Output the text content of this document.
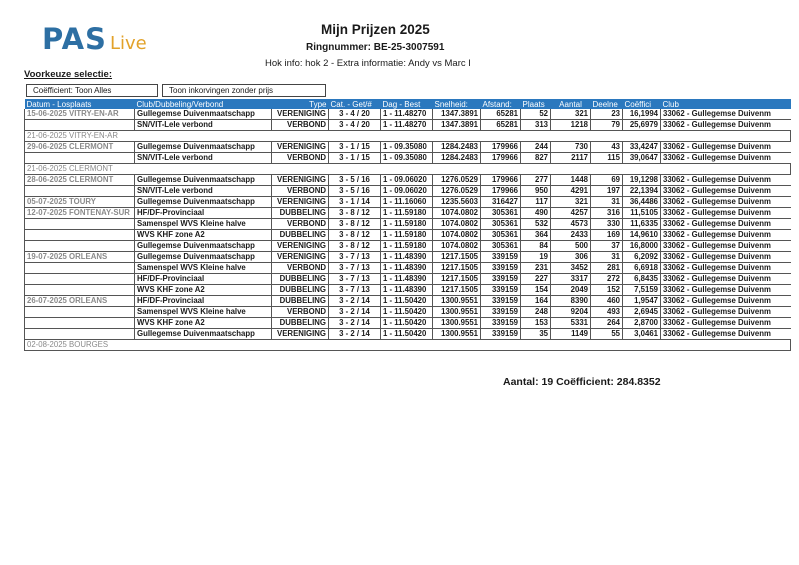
PAS Live
Mijn Prijzen 2025
Ringnummer: BE-25-3007591
Hok info: hok 2 - Extra informatie: Andy vs Marc I
Voorkeuze selectie:
Coëfficient: Toon Alles	Toon inkorvingen zonder prijs
Datum - Losplaats	Club/Dubbeling/Verbond	Type	Cat. - Get/#	Dag - Best	Snelheid:	Afstand:	Plaats	Aantal	Deelne	Coëffici	Club
15-06-2025 VITRY-EN-AR	Gullegemse Duivenmaatschapp	VERENIGING	3 - 4 / 20	1 - 11.48270	1347.3891	65281	52	321	23	16,1994	33062 - Gullegemse Duivenm
	SN/VIT-Lele verbond	VERBOND	3 - 4 / 20	1 - 11.48270	1347.3891	65281	313	1218	79	25,6979	33062 - Gullegemse Duivenm
21-06-2025 VITRY-EN-AR											
29-06-2025 CLERMONT	Gullegemse Duivenmaatschapp	VERENIGING	3 - 1 / 15	1 - 09.35080	1284.2483	179966	244	730	43	33,4247	33062 - Gullegemse Duivenm
	SN/VIT-Lele verbond	VERBOND	3 - 1 / 15	1 - 09.35080	1284.2483	179966	827	2117	115	39,0647	33062 - Gullegemse Duivenm
21-06-2025 CLERMONT											
28-06-2025 CLERMONT	Gullegemse Duivenmaatschapp	VERENIGING	3 - 5 / 16	1 - 09.06020	1276.0529	179966	277	1448	69	19,1298	33062 - Gullegemse Duivenm
	SN/VIT-Lele verbond	VERBOND	3 - 5 / 16	1 - 09.06020	1276.0529	179966	950	4291	197	22,1394	33062 - Gullegemse Duivenm
05-07-2025 TOURY	Gullegemse Duivenmaatschapp	VERENIGING	3 - 1 / 14	1 - 11.16060	1235.5603	316427	117	321	31	36,4486	33062 - Gullegemse Duivenm
12-07-2025 FONTENAY-SUR	HF/DF-Provinciaal	DUBBELING	3 - 8 / 12	1 - 11.59180	1074.0802	305361	490	4257	316	11,5105	33062 - Gullegemse Duivenm
	Samenspel WVS Kleine halve	VERBOND	3 - 8 / 12	1 - 11.59180	1074.0802	305361	532	4573	330	11,6335	33062 - Gullegemse Duivenm
	WVS KHF zone A2	DUBBELING	3 - 8 / 12	1 - 11.59180	1074.0802	305361	364	2433	169	14,9610	33062 - Gullegemse Duivenm
	Gullegemse Duivenmaatschapp	VERENIGING	3 - 8 / 12	1 - 11.59180	1074.0802	305361	84	500	37	16,8000	33062 - Gullegemse Duivenm
19-07-2025 ORLEANS	Gullegemse Duivenmaatschapp	VERENIGING	3 - 7 / 13	1 - 11.48390	1217.1505	339159	19	306	31	6,2092	33062 - Gullegemse Duivenm
	Samenspel WVS Kleine halve	VERBOND	3 - 7 / 13	1 - 11.48390	1217.1505	339159	231	3452	281	6,6918	33062 - Gullegemse Duivenm
	HF/DF-Provinciaal	DUBBELING	3 - 7 / 13	1 - 11.48390	1217.1505	339159	227	3317	272	6,8435	33062 - Gullegemse Duivenm
	WVS KHF zone A2	DUBBELING	3 - 7 / 13	1 - 11.48390	1217.1505	339159	154	2049	152	7,5159	33062 - Gullegemse Duivenm
26-07-2025 ORLEANS	HF/DF-Provinciaal	DUBBELING	3 - 2 / 14	1 - 11.50420	1300.9551	339159	164	8390	460	1,9547	33062 - Gullegemse Duivenm
	Samenspel WVS Kleine halve	VERBOND	3 - 2 / 14	1 - 11.50420	1300.9551	339159	248	9204	493	2,6945	33062 - Gullegemse Duivenm
	WVS KHF zone A2	DUBBELING	3 - 2 / 14	1 - 11.50420	1300.9551	339159	153	5331	264	2,8700	33062 - Gullegemse Duivenm
	Gullegemse Duivenmaatschapp	VERENIGING	3 - 2 / 14	1 - 11.50420	1300.9551	339159	35	1149	55	3,0461	33062 - Gullegemse Duivenm
02-08-2025 BOURGES											
Aantal: 19 Coëfficient: 284.8352
